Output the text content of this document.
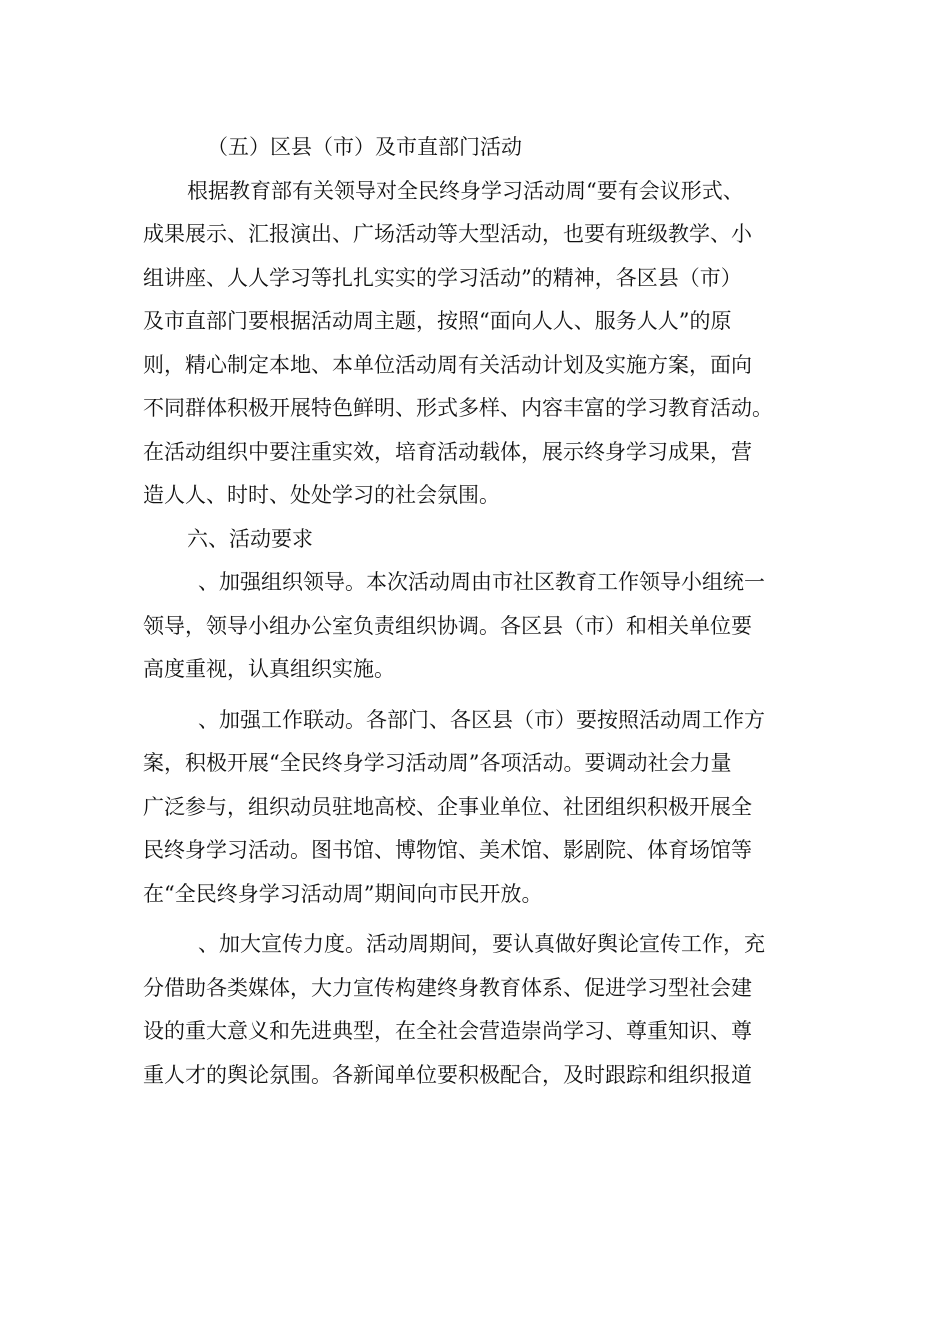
（五）区县（市）及市直部门活动
根据教育部有关领导对全民终身学习活动周“要有会议形式、
成果展示、汇报演出、广场活动等大型活动，也要有班级教学、小
组讲座、人人学习等扎扎实实的学习活动”的精神，各区县（市）
及市直部门要根据活动周主题，按照“面向人人、服务人人”的原
则，精心制定本地、本单位活动周有关活动计划及实施方案，面向
不同群体积极开展特色鲜明、形式多样、内容丰富的学习教育活动。
在活动组织中要注重实效，培育活动载体，展示终身学习成果，营
造人人、时时、处处学习的社会氛围。
六、活动要求
、加强组织领导。本次活动周由市社区教育工作领导小组统一
领导，领导小组办公室负责组织协调。各区县（市）和相关单位要
高度重视，认真组织实施。
、加强工作联动。各部门、各区县（市）要按照活动周工作方
案，积极开展“全民终身学习活动周”各项活动。要调动社会力量
广泛参与，组织动员驻地高校、企事业单位、社团组织积极开展全
民终身学习活动。图书馆、博物馆、美术馆、影剧院、体育场馆等
在“全民终身学习活动周”期间向市民开放。
、加大宣传力度。活动周期间，要认真做好舆论宣传工作，充
分借助各类媒体，大力宣传构建终身教育体系、促进学习型社会建
设的重大意义和先进典型，在全社会营造崇尚学习、尊重知识、尊
重人才的舆论氛围。各新闻单位要积极配合，及时跟踪和组织报道
